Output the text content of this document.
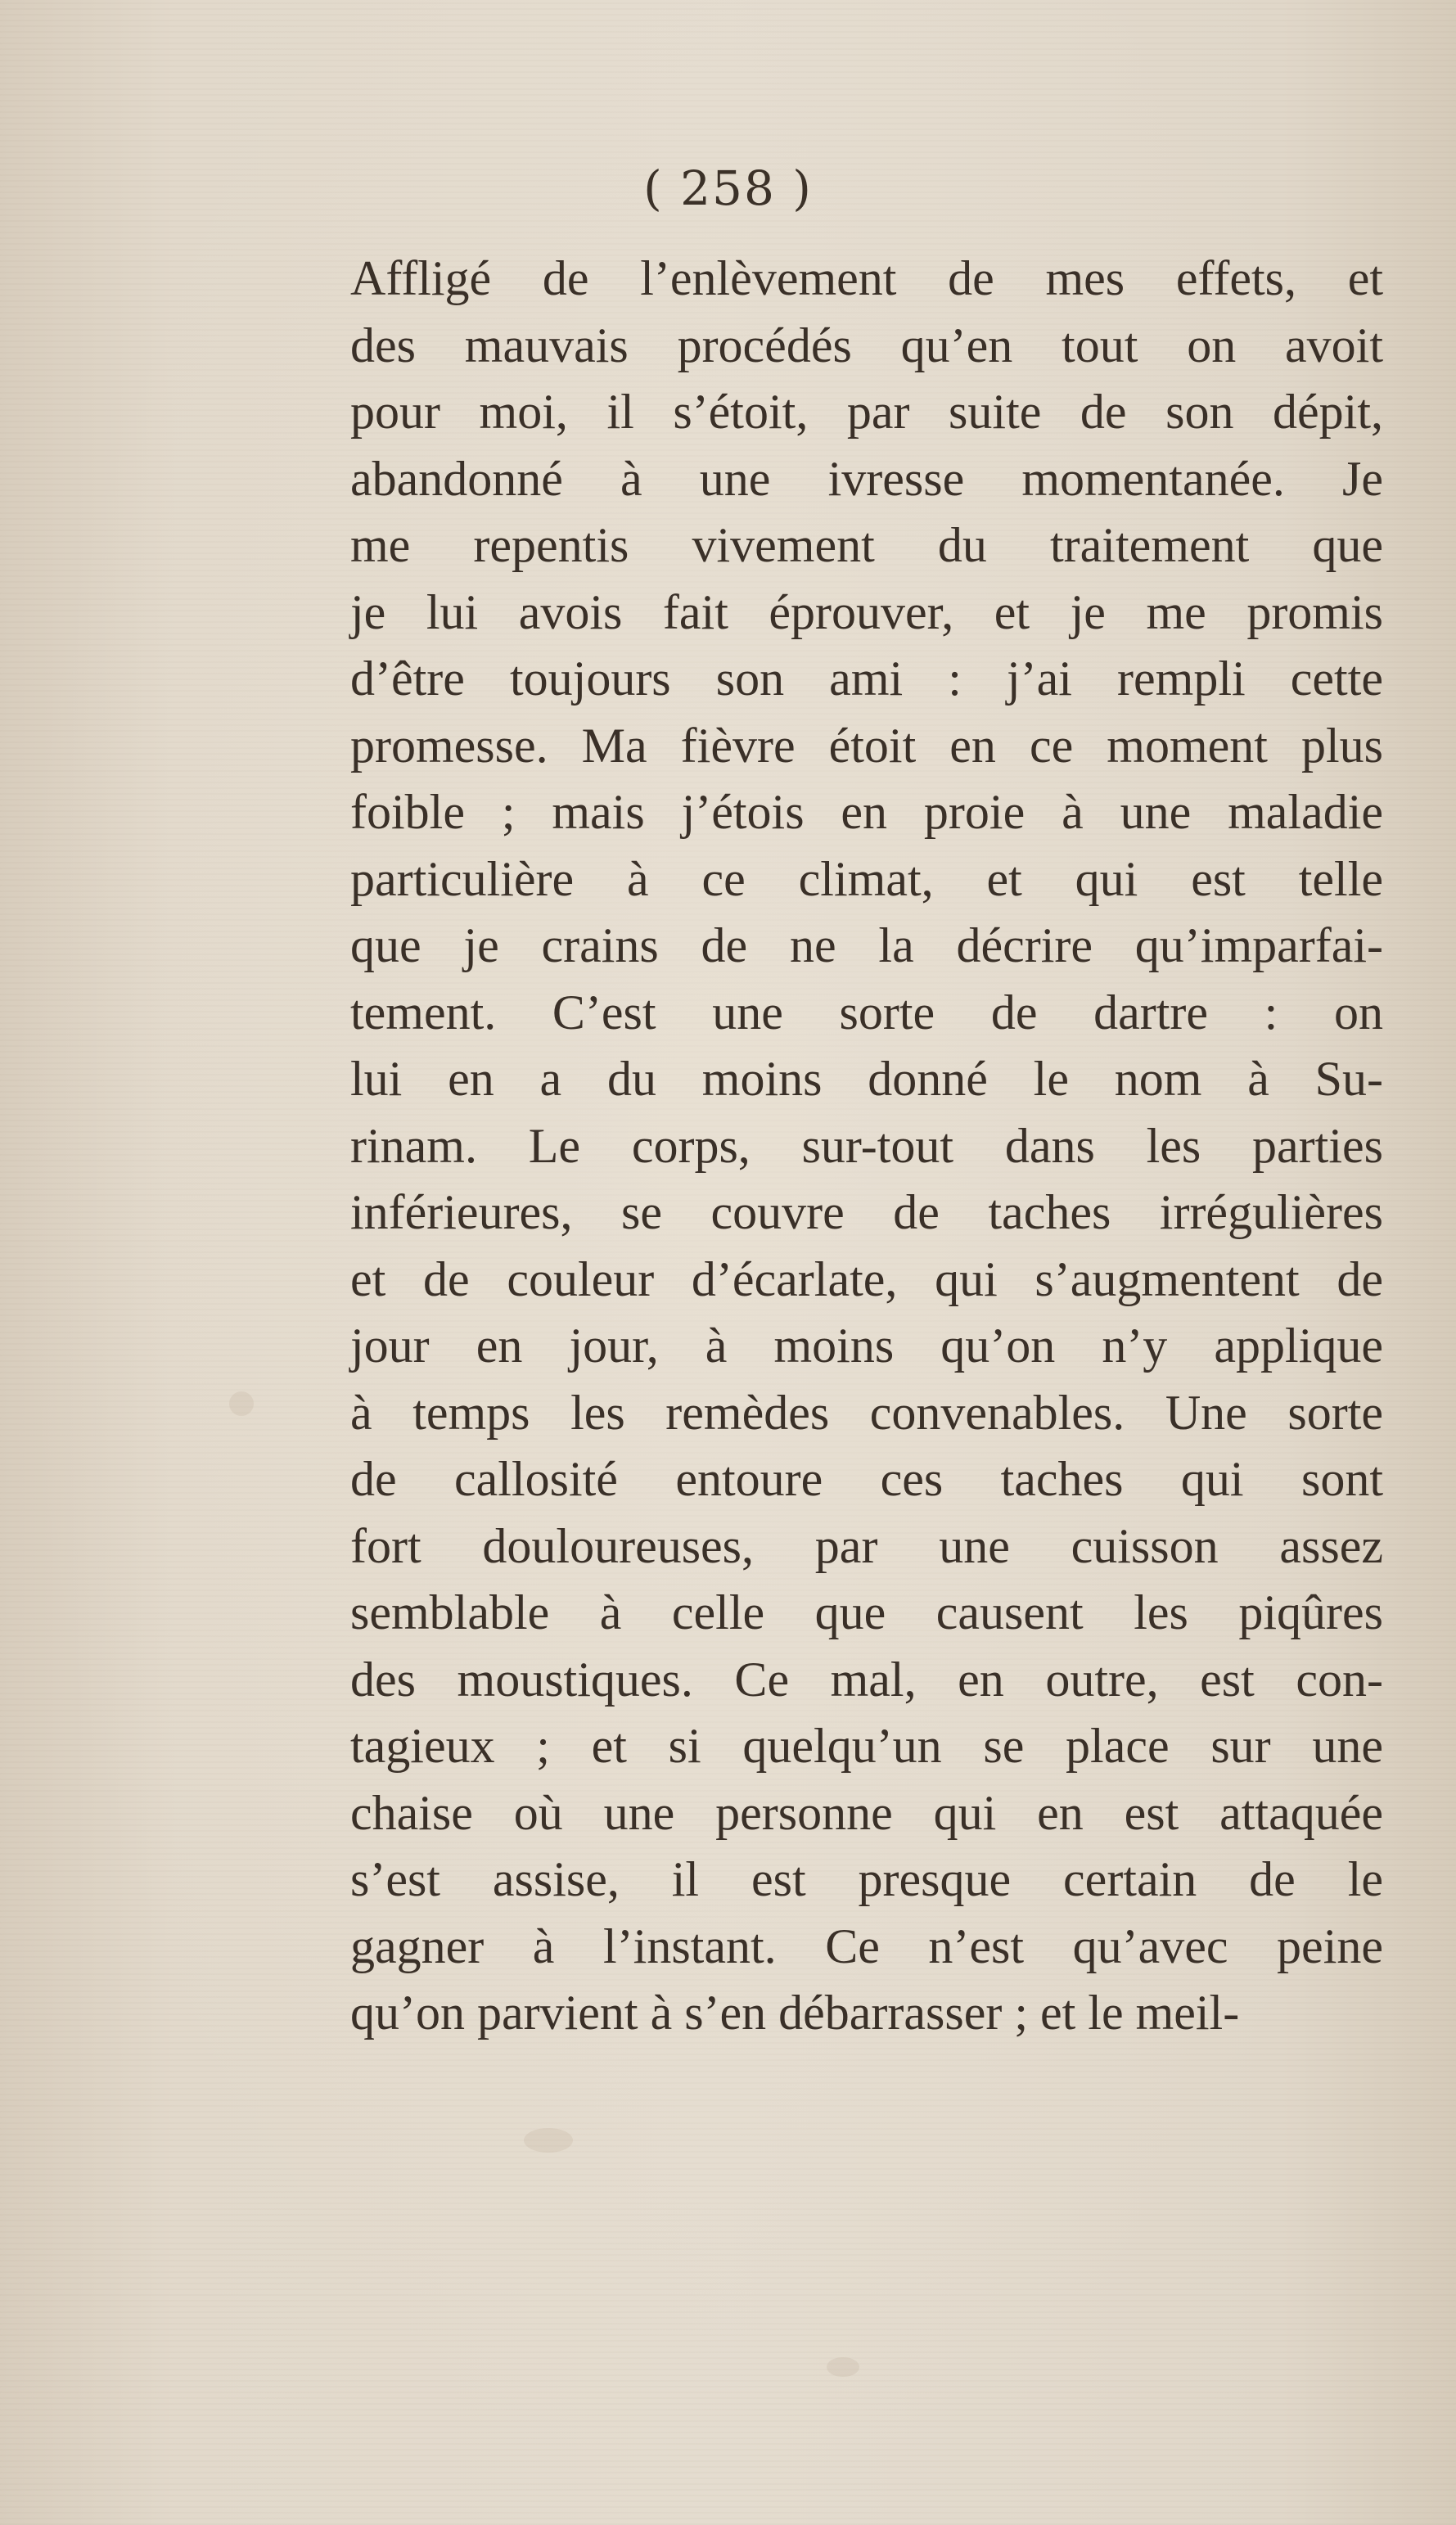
( 258 )
Affligé de l’enlèvement de mes effets, et
des mauvais procédés qu’en tout on avoit
pour moi, il s’étoit, par suite de son dépit,
abandonné à une ivresse momentanée. Je
me repentis vivement du traitement que
je lui avois fait éprouver, et je me promis
d’être toujours son ami : j’ai rempli cette
promesse. Ma fièvre étoit en ce moment plus
foible ; mais j’étois en proie à une maladie
particulière à ce climat, et qui est telle
que je crains de ne la décrire qu’imparfai-
tement. C’est une sorte de dartre : on
lui en a du moins donné le nom à Su-
rinam. Le corps, sur-tout dans les parties
inférieures, se couvre de taches irrégulières
et de couleur d’écarlate, qui s’augmentent de
jour en jour, à moins qu’on n’y applique
à temps les remèdes convenables. Une sorte
de callosité entoure ces taches qui sont
fort douloureuses, par une cuisson assez
semblable à celle que causent les piqûres
des moustiques. Ce mal, en outre, est con-
tagieux ; et si quelqu’un se place sur une
chaise où une personne qui en est attaquée
s’est assise, il est presque certain de le
gagner à l’instant. Ce n’est qu’avec peine
qu’on parvient à s’en débarrasser ; et le meil-
